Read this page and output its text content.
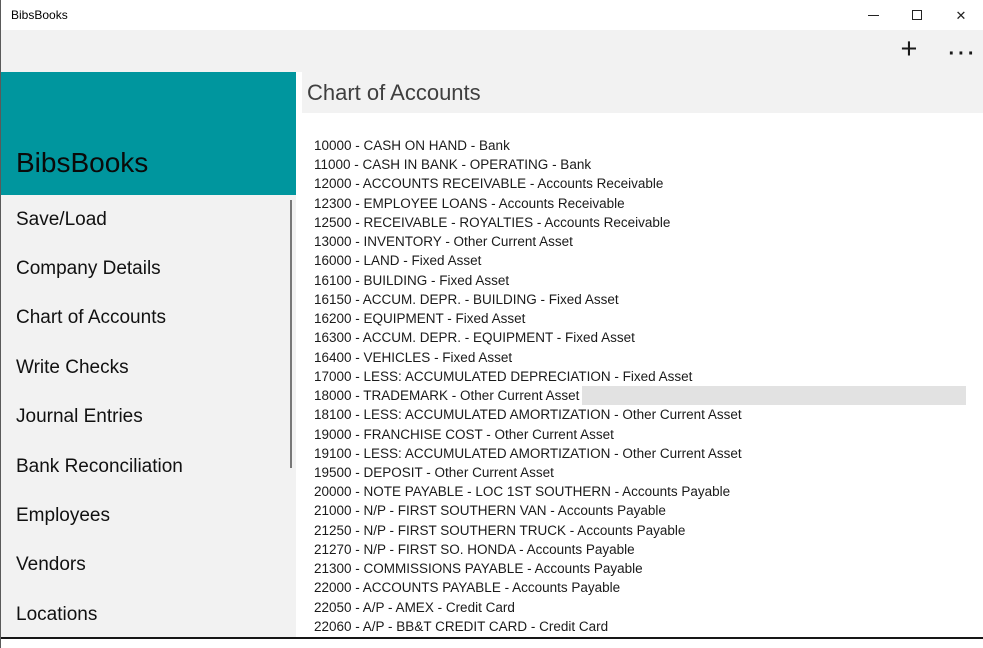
BibsBooks	✕
+ ···
BibsBooks
Save/Load
Company Details
Chart of Accounts
Write Checks
Journal Entries
Bank Reconciliation
Employees
Vendors
Locations
Chart of Accounts
10000 - CASH ON HAND - Bank
11000 - CASH IN BANK - OPERATING - Bank
12000 - ACCOUNTS RECEIVABLE - Accounts Receivable
12300 - EMPLOYEE LOANS - Accounts Receivable
12500 - RECEIVABLE - ROYALTIES - Accounts Receivable
13000 - INVENTORY - Other Current Asset
16000 - LAND - Fixed Asset
16100 - BUILDING - Fixed Asset
16150 - ACCUM. DEPR. - BUILDING - Fixed Asset
16200 - EQUIPMENT - Fixed Asset
16300 - ACCUM. DEPR. - EQUIPMENT - Fixed Asset
16400 - VEHICLES - Fixed Asset
17000 - LESS: ACCUMULATED DEPRECIATION - Fixed Asset
18000 - TRADEMARK - Other Current Asset
18100 - LESS: ACCUMULATED AMORTIZATION - Other Current Asset
19000 - FRANCHISE COST - Other Current Asset
19100 - LESS: ACCUMULATED AMORTIZATION - Other Current Asset
19500 - DEPOSIT - Other Current Asset
20000 - NOTE PAYABLE - LOC 1ST SOUTHERN - Accounts Payable
21000 - N/P - FIRST SOUTHERN VAN - Accounts Payable
21250 - N/P - FIRST SOUTHERN TRUCK - Accounts Payable
21270 - N/P - FIRST SO. HONDA - Accounts Payable
21300 - COMMISSIONS PAYABLE - Accounts Payable
22000 - ACCOUNTS PAYABLE - Accounts Payable
22050 - A/P - AMEX - Credit Card
22060 - A/P - BB&T CREDIT CARD - Credit Card
